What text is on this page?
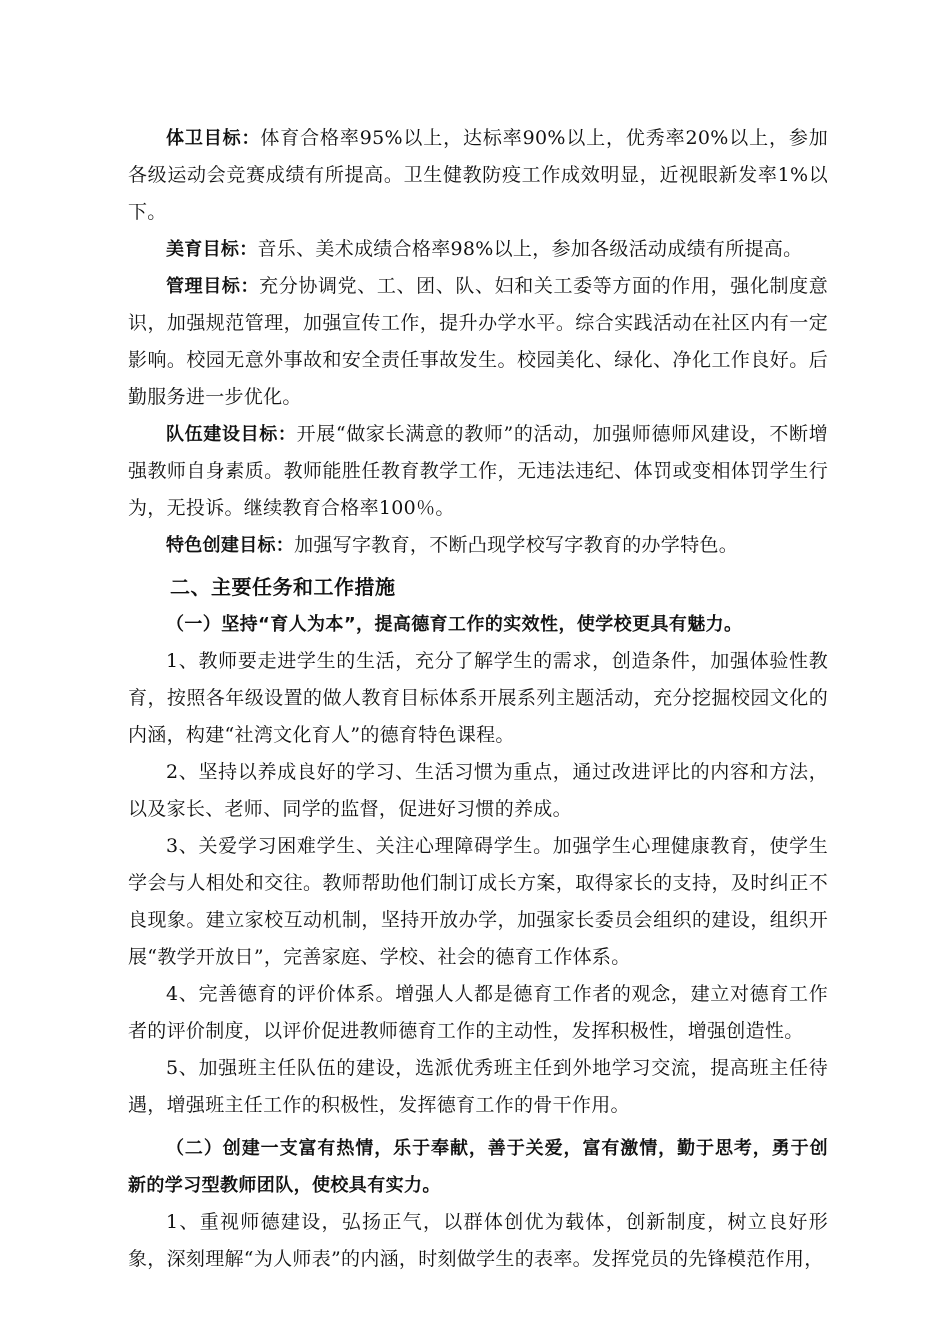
体卫目标：体育合格率95%以上，达标率90%以上，优秀率20%以上，参加各级运动会竞赛成绩有所提高。卫生健教防疫工作成效明显，近视眼新发率1%以下。

美育目标：音乐、美术成绩合格率98%以上，参加各级活动成绩有所提高。

管理目标：充分协调党、工、团、队、妇和关工委等方面的作用，强化制度意识，加强规范管理，加强宣传工作，提升办学水平。综合实践活动在社区内有一定影响。校园无意外事故和安全责任事故发生。校园美化、绿化、净化工作良好。后勤服务进一步优化。

队伍建设目标：开展“做家长满意的教师”的活动，加强师德师风建设，不断增强教师自身素质。教师能胜任教育教学工作，无违法违纪、体罚或变相体罚学生行为，无投诉。继续教育合格率100％。

特色创建目标：加强写字教育，不断凸现学校写字教育的办学特色。

二、主要任务和工作措施

（一）坚持“育人为本”，提高德育工作的实效性，使学校更具有魅力。

1、教师要走进学生的生活，充分了解学生的需求，创造条件，加强体验性教育，按照各年级设置的做人教育目标体系开展系列主题活动，充分挖掘校园文化的内涵，构建“社湾文化育人”的德育特色课程。

2、坚持以养成良好的学习、生活习惯为重点，通过改进评比的内容和方法，以及家长、老师、同学的监督，促进好习惯的养成。

3、关爱学习困难学生、关注心理障碍学生。加强学生心理健康教育，使学生学会与人相处和交往。教师帮助他们制订成长方案，取得家长的支持，及时纠正不良现象。建立家校互动机制，坚持开放办学，加强家长委员会组织的建设，组织开展“教学开放日”，完善家庭、学校、社会的德育工作体系。

4、完善德育的评价体系。增强人人都是德育工作者的观念，建立对德育工作者的评价制度，以评价促进教师德育工作的主动性，发挥积极性，增强创造性。

5、加强班主任队伍的建设，选派优秀班主任到外地学习交流，提高班主任待遇，增强班主任工作的积极性，发挥德育工作的骨干作用。

（二）创建一支富有热情，乐于奉献，善于关爱，富有激情，勤于思考，勇于创新的学习型教师团队，使校具有实力。

1、重视师德建设，弘扬正气，以群体创优为载体，创新制度，树立良好形象，深刻理解“为人师表”的内涵，时刻做学生的表率。发挥党员的先锋模范作用，
